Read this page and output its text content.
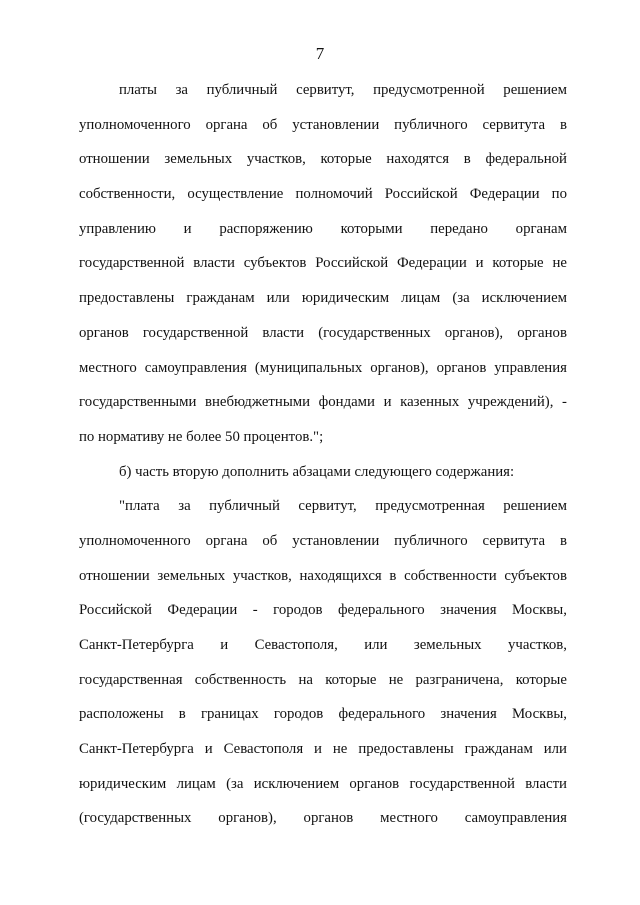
7
платы за публичный сервитут, предусмотренной решением
уполномоченного органа об установлении публичного сервитута в
отношении земельных участков, которые находятся в федеральной
собственности, осуществление полномочий Российской Федерации по
управлению и распоряжению которыми передано органам
государственной власти субъектов Российской Федерации и которые не
предоставлены гражданам или юридическим лицам (за исключением
органов государственной власти (государственных органов), органов
местного самоуправления (муниципальных органов), органов управления
государственными внебюджетными фондами и казенных учреждений), -
по нормативу не более 50 процентов.";
б) часть вторую дополнить абзацами следующего содержания:
"плата за публичный сервитут, предусмотренная решением
уполномоченного органа об установлении публичного сервитута в
отношении земельных участков, находящихся в собственности субъектов
Российской Федерации - городов федерального значения Москвы,
Санкт-Петербурга и Севастополя, или земельных участков,
государственная собственность на которые не разграничена, которые
расположены в границах городов федерального значения Москвы,
Санкт-Петербурга и Севастополя и не предоставлены гражданам или
юридическим лицам (за исключением органов государственной власти
(государственных органов), органов местного самоуправления
